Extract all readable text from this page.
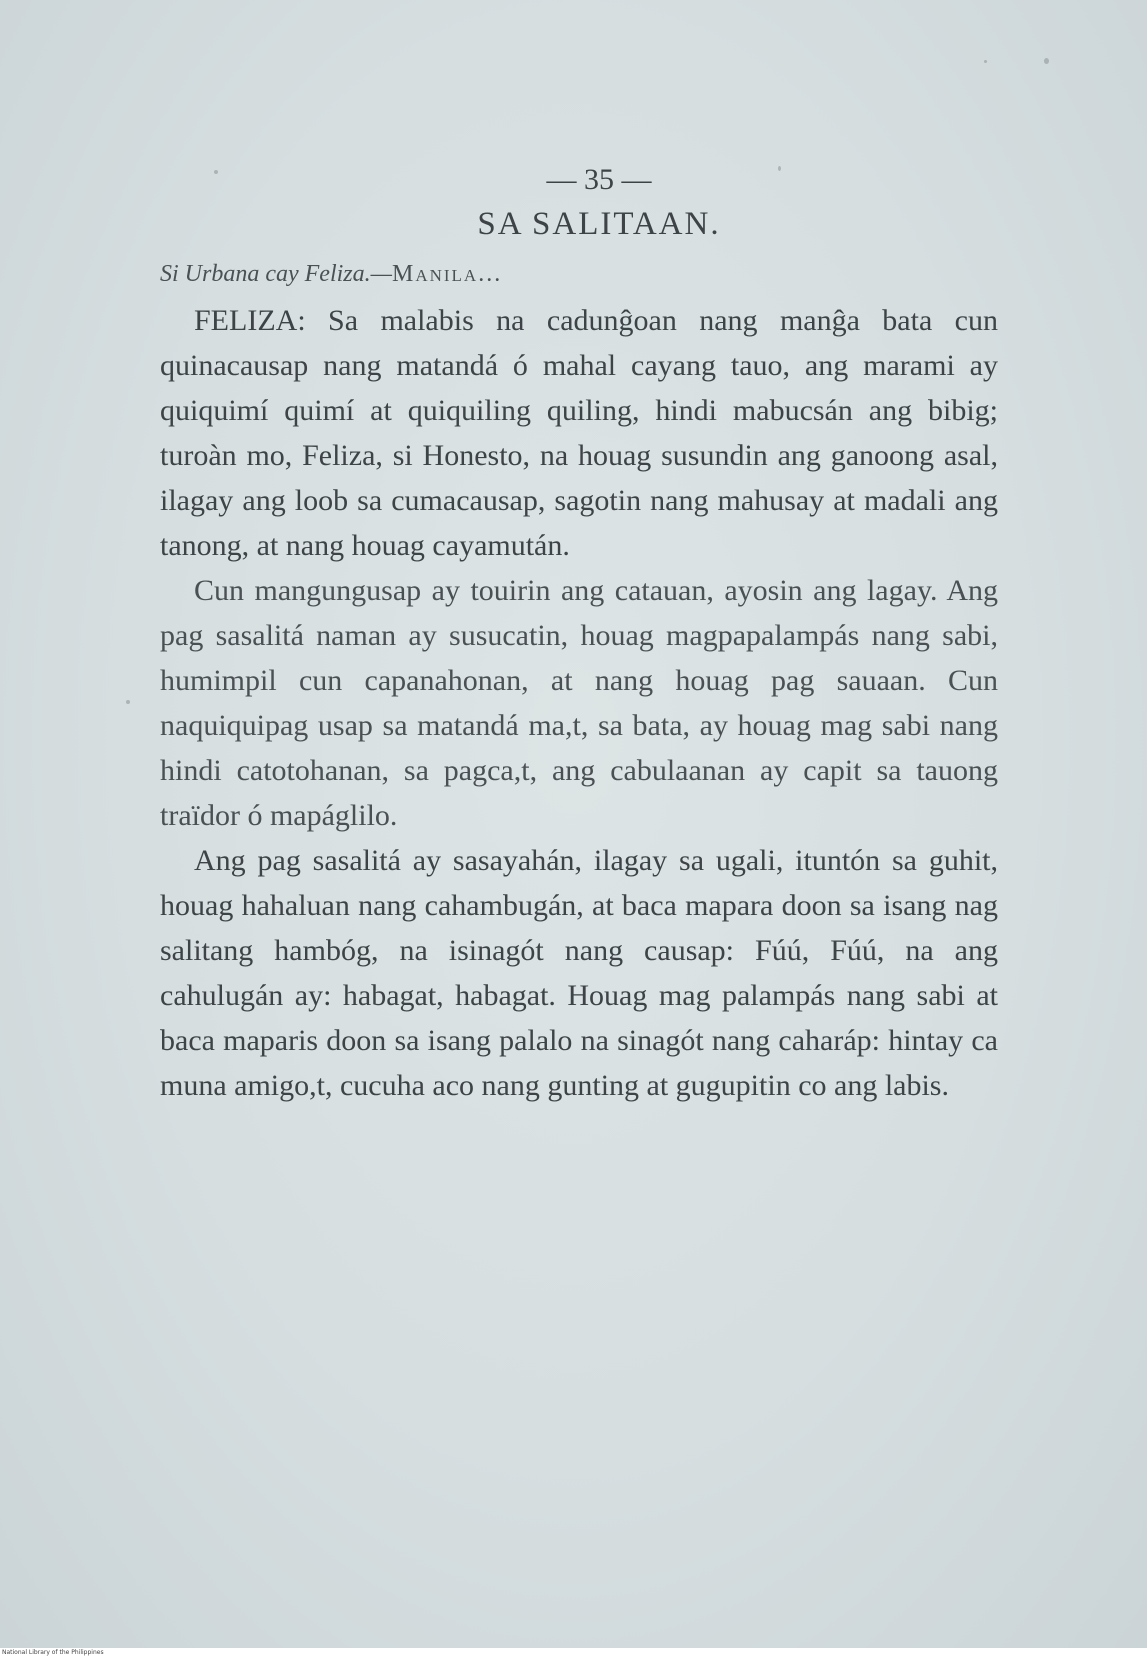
— 35 —
SA SALITAAN.
Si Urbana cay Feliza.—Manila...

FELIZA: Sa malabis na cadunĝoan nang manĝa bata cun quinacausap nang matandá ó mahal cayang tauo, ang marami ay quiquimí quimí at quiquiling quiling, hindi mabucsán ang bibig; turoàn mo, Feliza, si Honesto, na houag susundin ang ganoong asal, ilagay ang loob sa cumacausap, sagotin nang mahusay at madali ang tanong, at nang houag cayamután.

Cun mangungusap ay touirin ang catauan, ayosin ang lagay. Ang pag sasalitá naman ay susucatin, houag magpapalampás nang sabi, humimpil cun capanahonan, at nang houag pag sauaan. Cun naquiquipag usap sa matandá ma,t, sa bata, ay houag mag sabi nang hindi catotohanan, sa pagca,t, ang cabulaanan ay capit sa tauong traïdor ó mapáglilo.

Ang pag sasalitá ay sasayahán, ilagay sa ugali, ituntón sa guhit, houag hahaluan nang cahambugán, at baca mapara doon sa isang nag salitang hambóg, na isinagót nang causap: Fúú, Fúú, na ang cahulugán ay: habagat, habagat. Houag mag palampás nang sabi at baca maparis doon sa isang palalo na sinagót nang caharáp: hintay ca muna amigo,t, cucuha aco nang gunting at gugupitin co ang labis.

National Library of the Philippines
